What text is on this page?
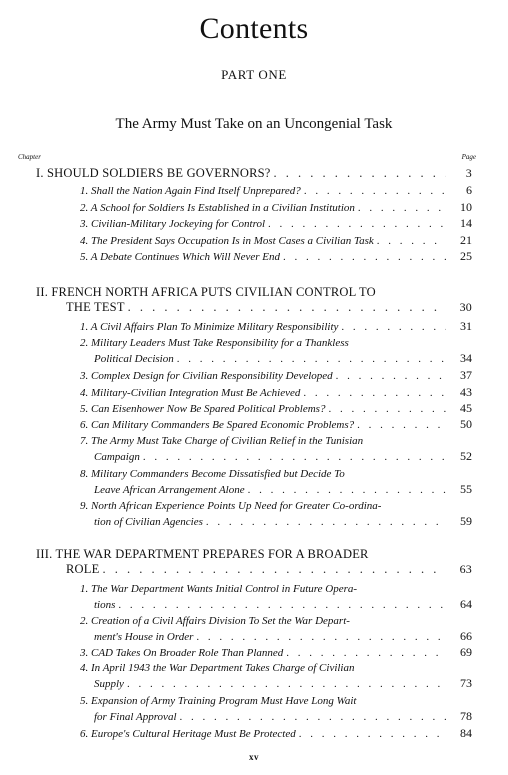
Contents
PART ONE
The Army Must Take on an Uncongenial Task
Chapter	Page
I. SHOULD SOLDIERS BE GOVERNORS? . . .	3
1. Shall the Nation Again Find Itself Unprepared? . . .	6
2. A School for Soldiers Is Established in a Civilian Institution . . .	10
3. Civilian-Military Jockeying for Control . . .	14
4. The President Says Occupation Is in Most Cases a Civilian Task . . .	21
5. A Debate Continues Which Will Never End . . .	25
II. FRENCH NORTH AFRICA PUTS CIVILIAN CONTROL TO
THE TEST . . .	30
1. A Civil Affairs Plan To Minimize Military Responsibility . . .	31
2. Military Leaders Must Take Responsibility for a Thankless
Political Decision . . .	34
3. Complex Design for Civilian Responsibility Developed . . .	37
4. Military-Civilian Integration Must Be Achieved . . .	43
5. Can Eisenhower Now Be Spared Political Problems? . . .	45
6. Can Military Commanders Be Spared Economic Problems? . . .	50
7. The Army Must Take Charge of Civilian Relief in the Tunisian
Campaign . . .	52
8. Military Commanders Become Dissatisfied but Decide To
Leave African Arrangement Alone . . .	55
9. North African Experience Points Up Need for Greater Co-ordina-
tion of Civilian Agencies . . .	59
III. THE WAR DEPARTMENT PREPARES FOR A BROADER
ROLE . . .	63
1. The War Department Wants Initial Control in Future Opera-
tions . . .	64
2. Creation of a Civil Affairs Division To Set the War Depart-
ment's House in Order . . .	66
3. CAD Takes On Broader Role Than Planned . . .	69
4. In April 1943 the War Department Takes Charge of Civilian
Supply . . .	73
5. Expansion of Army Training Program Must Have Long Wait
for Final Approval . . .	78
6. Europe's Cultural Heritage Must Be Protected . . .	84
xv
